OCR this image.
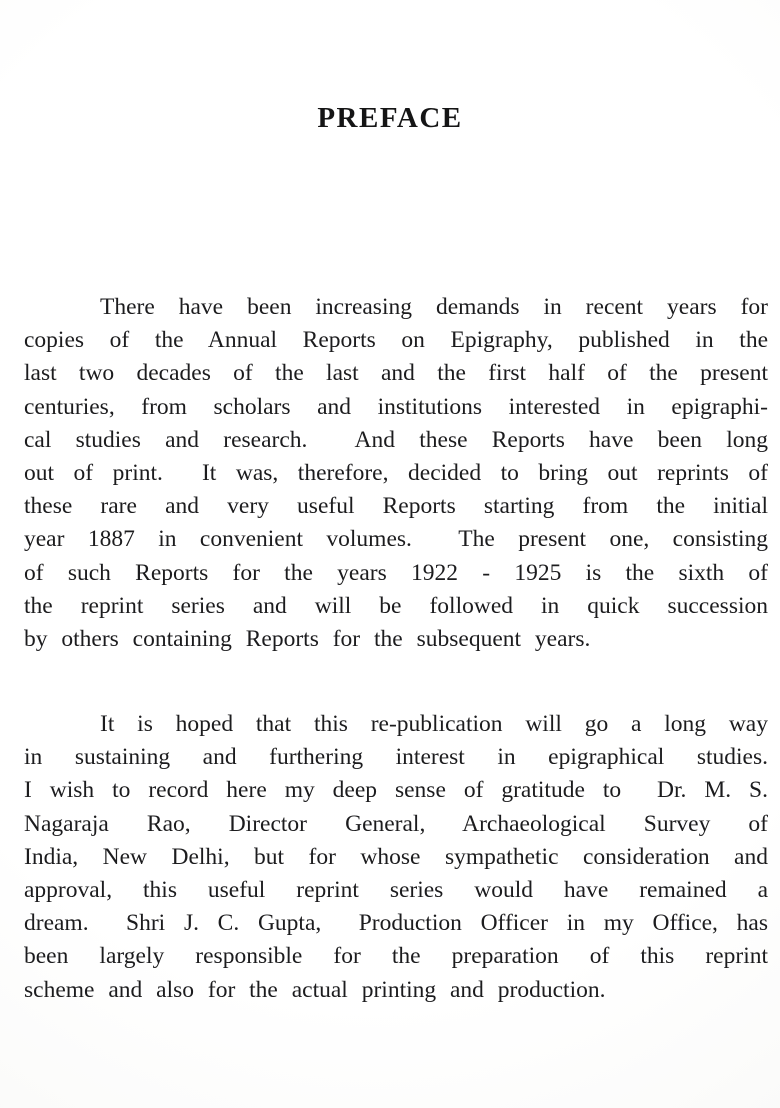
PREFACE
There have been increasing demands in recent years for
copies of the Annual Reports on Epigraphy, published in the
last two decades of the last and the first half of the present
centuries, from scholars and institutions interested in epigraphi-
cal studies and research.  And these Reports have been long
out of print.  It was, therefore, decided to bring out reprints of
these rare and very useful Reports starting from the initial
year 1887 in convenient volumes.  The present one, consisting
of such Reports for the years 1922 - 1925 is the sixth of
the reprint series and will be followed in quick succession
by others containing Reports for the subsequent years.
It is hoped that this re-publication will go a long way
in sustaining and furthering interest in epigraphical studies.
I wish to record here my deep sense of gratitude to  Dr. M. S.
Nagaraja Rao, Director General, Archaeological Survey of
India, New Delhi, but for whose sympathetic consideration and
approval, this useful reprint series would have remained a
dream.  Shri J. C. Gupta,  Production Officer in my Office, has
been largely responsible for the preparation of this reprint
scheme and also for the actual printing and production.
